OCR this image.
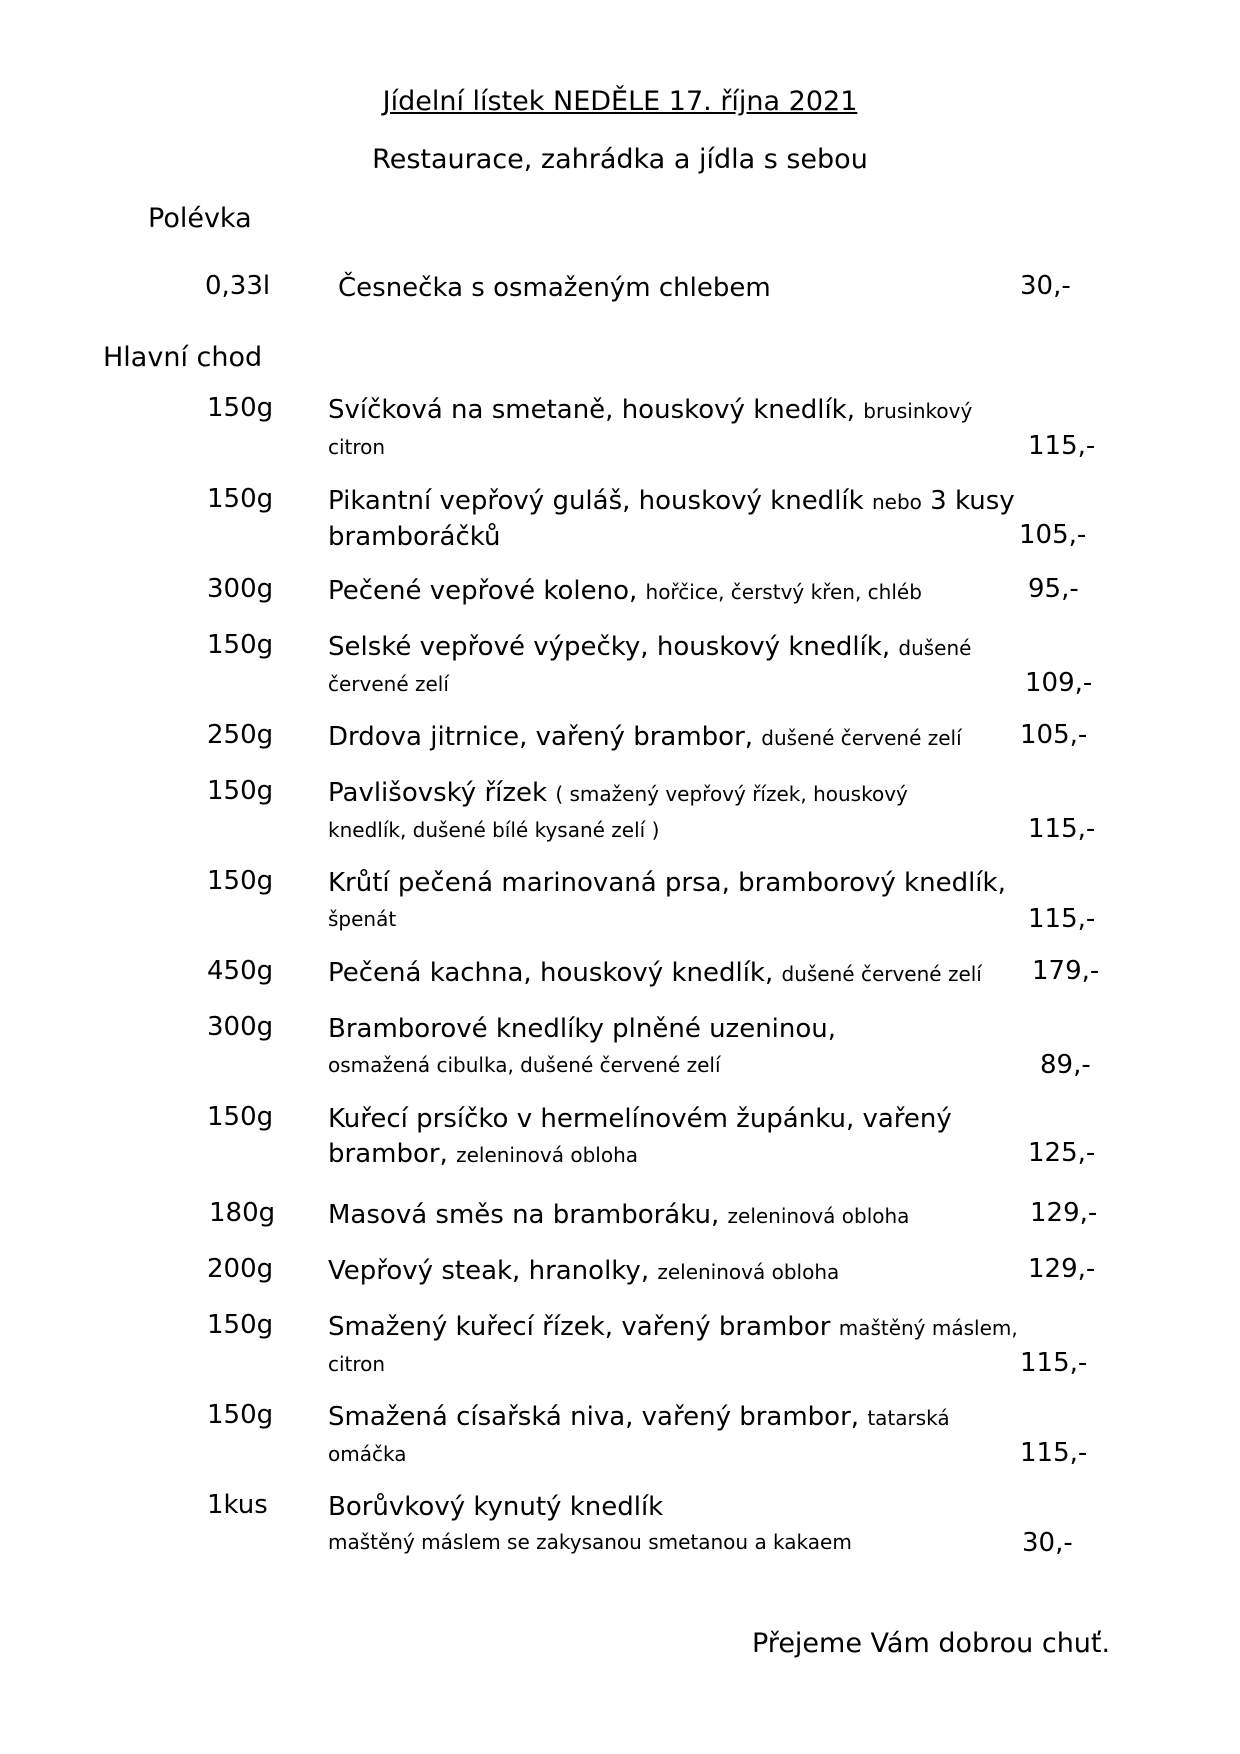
Jídelní lístek NEDĚLE 17. října 2021
Restaurace, zahrádka a jídla s sebou
Polévka
0,33l	Česnečka s osmaženým chlebem	30,-
Hlavní chod
150g Svíčková na smetaně, houskový knedlík, brusinkový citron	115,-
150g Pikantní vepřový guláš, houskový knedlík nebo 3 kusy bramboráčků	105,-
300g Pečené vepřové koleno, hořčice, čerstvý křen, chléb	95,-
150g Selské vepřové výpečky, houskový knedlík, dušené červené zelí	109,-
250g Drdova jitrnice, vařený brambor, dušené červené zelí	105,-
150g Pavlišovský řízek ( smažený vepřový řízek, houskový knedlík, dušené bílé kysané zelí )	115,-
150g Krůtí pečená marinovaná prsa, bramborový knedlík, špenát	115,-
450g Pečená kachna, houskový knedlík, dušené červené zelí	179,-
300g Bramborové knedlíky plněné uzeninou, osmažená cibulka, dušené červené zelí	89,-
150g Kuřecí prsíčko v hermelínovém župánku, vařený brambor, zeleninová obloha	125,-
180g Masová směs na bramboráku, zeleninová obloha	129,-
200g Vepřový steak, hranolky, zeleninová obloha	129,-
150g Smažený kuřecí řízek, vařený brambor maštěný máslem, citron	115,-
150g Smažená císařská niva, vařený brambor, tatarská omáčka	115,-
1kus Borůvkový kynutý knedlík
maštěný máslem se zakysanou smetanou a kakaem	30,-
Přejeme Vám dobrou chuť.
